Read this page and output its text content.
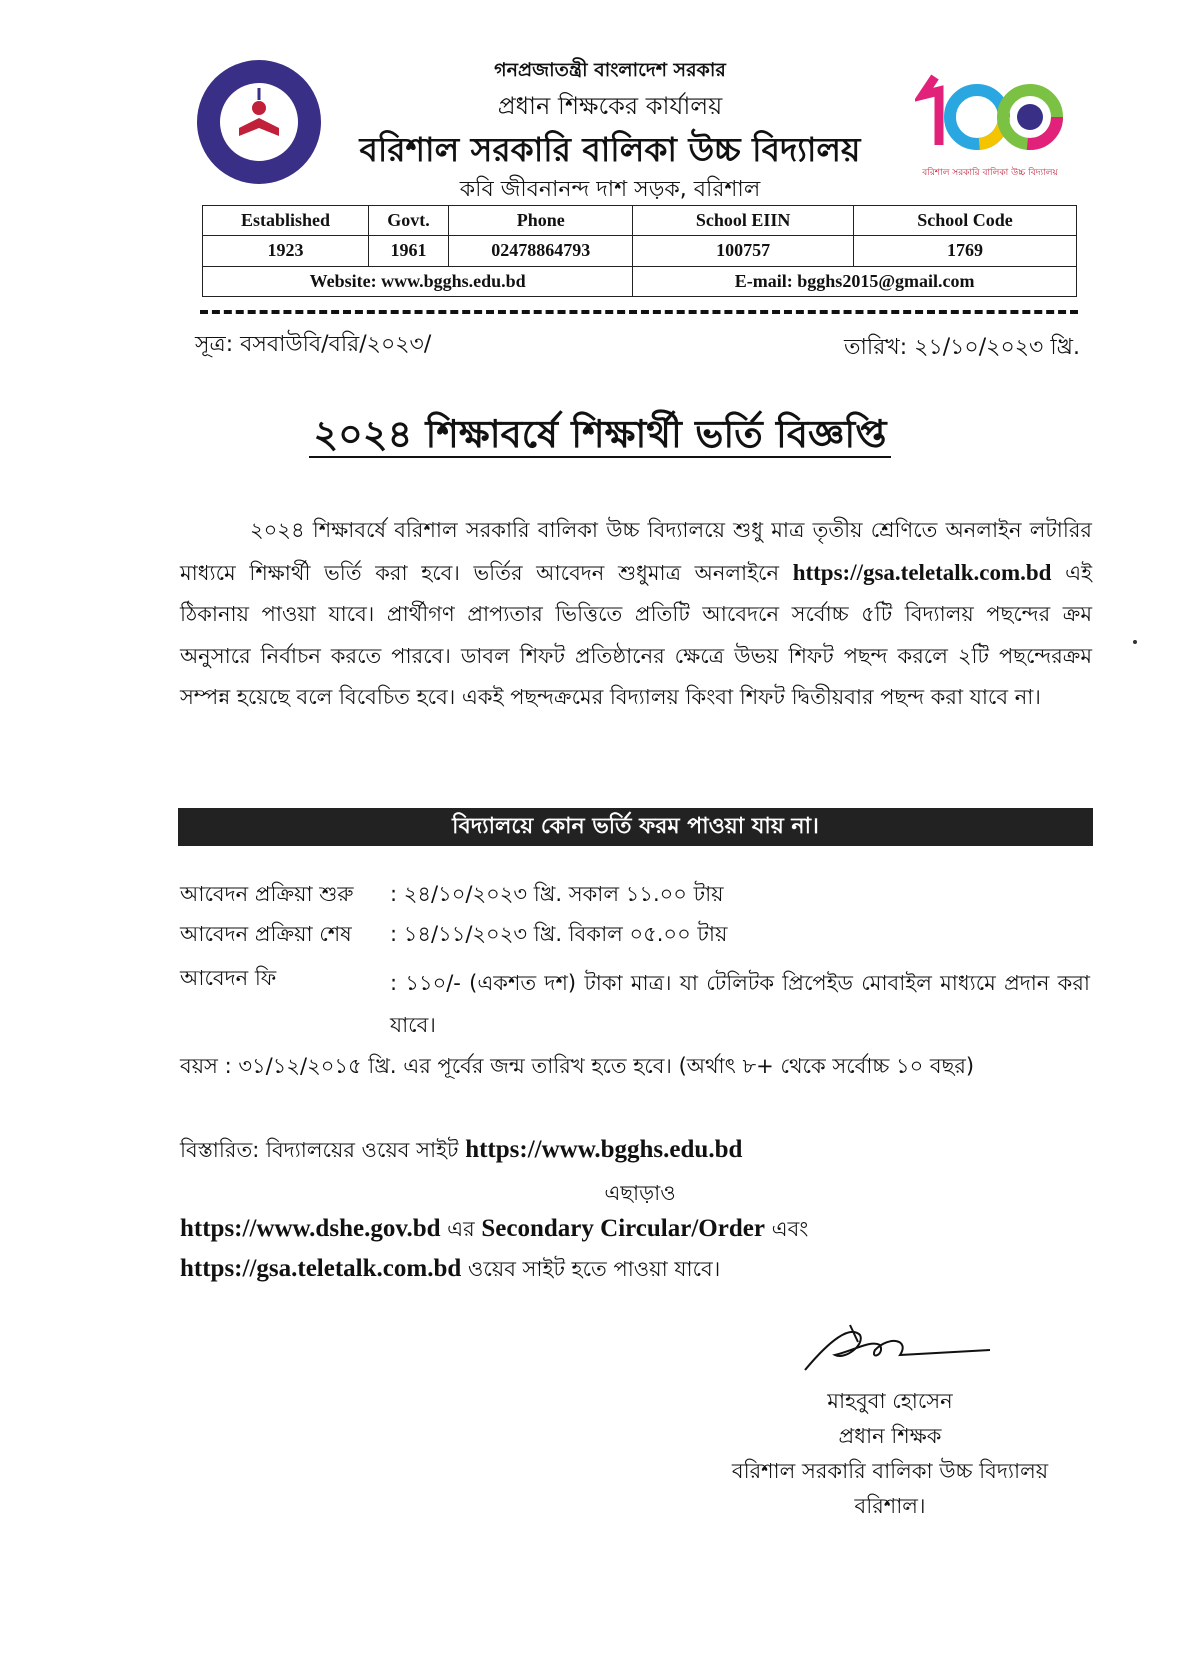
বরিশাল সরকারি বালিকা উচ্চ বিদ্যালয়
গনপ্রজাতন্ত্রী বাংলাদেশ সরকার
প্রধান শিক্ষকের কার্যালয়
বরিশাল সরকারি বালিকা উচ্চ বিদ্যালয়
কবি জীবনানন্দ দাশ সড়ক, বরিশাল
Established	Govt.	Phone	School EIIN	School Code
1923	1961	02478864793	100757	1769
Website: www.bgghs.edu.bd			E-mail: bgghs2015@gmail.com	
সূত্র: বসবাউবি/বরি/২০২৩/	তারিখ: ২১/১০/২০২৩ খ্রি.
২০২৪ শিক্ষাবর্ষে শিক্ষার্থী ভর্তি বিজ্ঞপ্তি
২০২৪ শিক্ষাবর্ষে বরিশাল সরকারি বালিকা উচ্চ বিদ্যালয়ে শুধু মাত্র তৃতীয় শ্রেণিতে অনলাইন লটারির মাধ্যমে শিক্ষার্থী ভর্তি করা হবে। ভর্তির আবেদন শুধুমাত্র অনলাইনে https://gsa.teletalk.com.bd এই ঠিকানায় পাওয়া যাবে। প্রার্থীগণ প্রাপ্যতার ভিত্তিতে প্রতিটি আবেদনে সর্বোচ্চ ৫টি বিদ্যালয় পছন্দের ক্রম অনুসারে নির্বাচন করতে পারবে। ডাবল শিফট প্রতিষ্ঠানের ক্ষেত্রে উভয় শিফট পছন্দ করলে ২টি পছন্দেরক্রম সম্পন্ন হয়েছে বলে বিবেচিত হবে। একই পছন্দক্রমের বিদ্যালয় কিংবা শিফট দ্বিতীয়বার পছন্দ করা যাবে না।
বিদ্যালয়ে কোন ভর্তি ফরম পাওয়া যায় না।
আবেদন প্রক্রিয়া শুরু : ২৪/১০/২০২৩ খ্রি. সকাল ১১.০০ টায়
আবেদন প্রক্রিয়া শেষ : ১৪/১১/২০২৩ খ্রি. বিকাল ০৫.০০ টায়
আবেদন ফি	: ১১০/- (একশত দশ) টাকা মাত্র। যা টেলিটক প্রিপেইড মোবাইল মাধ্যমে প্রদান করা যাবে।
বয়স : ৩১/১২/২০১৫ খ্রি. এর পূর্বের জন্ম তারিখ হতে হবে। (অর্থাৎ ৮+ থেকে সর্বোচ্চ ১০ বছর)
বিস্তারিত: বিদ্যালয়ের ওয়েব সাইট https://www.bgghs.edu.bd
এছাড়াও
https://www.dshe.gov.bd এর Secondary Circular/Order এবং
https://gsa.teletalk.com.bd ওয়েব সাইট হতে পাওয়া যাবে।
মাহবুবা হোসেন
প্রধান শিক্ষক
বরিশাল সরকারি বালিকা উচ্চ বিদ্যালয়
বরিশাল।
